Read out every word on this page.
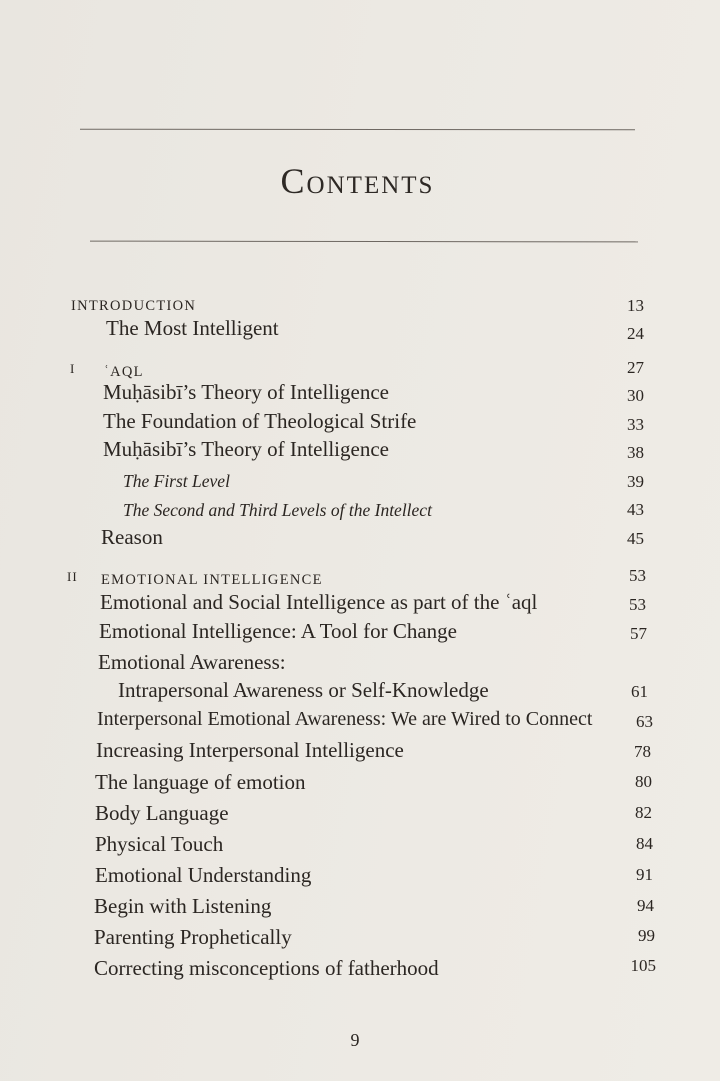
Contents
INTRODUCTION	13
The Most Intelligent	24
I ʿAQL	27
Muḥāsibī’s Theory of Intelligence	30
The Foundation of Theological Strife	33
Muḥāsibī’s Theory of Intelligence	38
The First Level	39
The Second and Third Levels of the Intellect	43
Reason	45
II EMOTIONAL INTELLIGENCE	53
Emotional and Social Intelligence as part of the ʿaql	53
Emotional Intelligence: A Tool for Change	57
Emotional Awareness:
Intrapersonal Awareness or Self-Knowledge	61
Interpersonal Emotional Awareness: We are Wired to Connect	63
Increasing Interpersonal Intelligence	78
The language of emotion	80
Body Language	82
Physical Touch	84
Emotional Understanding	91
Begin with Listening	94
Parenting Prophetically	99
Correcting misconceptions of fatherhood	105
9
